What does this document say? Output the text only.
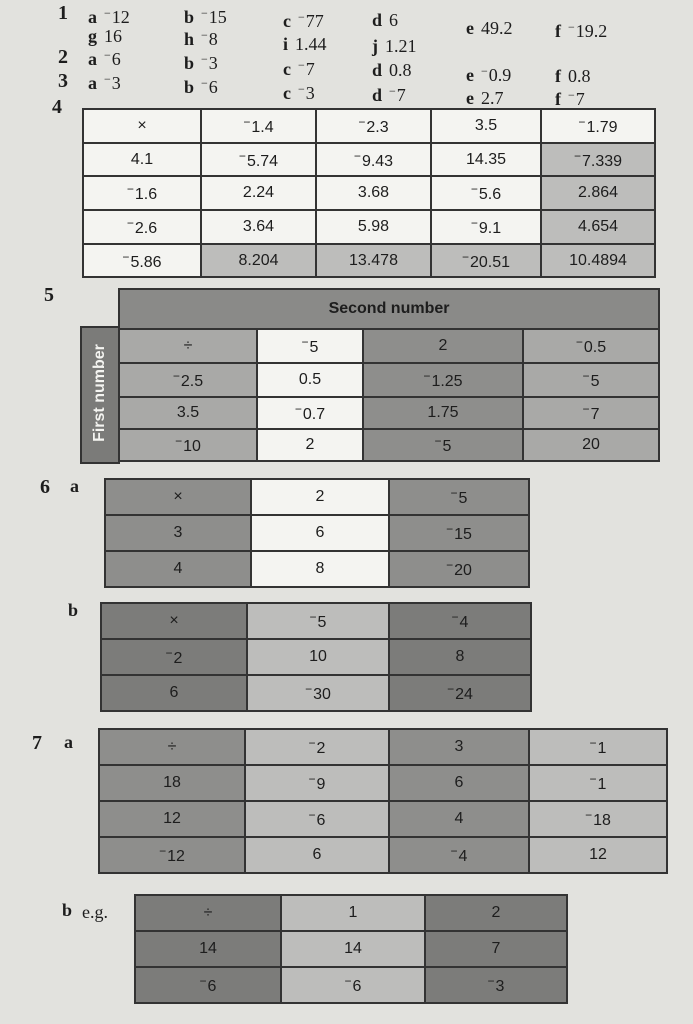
1 a −12	b −15	c −77	d 6	e 49.2 f −19.2
g 16	h −8	i 1.44	j 1.21
2 a −6	b −3	c −7	d 0.8	e −0.9 f 0.8
3 a −3	b −6	c −3	d −7	e 2.7	f −7
4
×	−1.4	−2.3	3.5	−1.79
4.1	−5.74	−9.43	14.35	−7.339
−1.6	2.24	3.68	−5.6	2.864
−2.6	3.64	5.98	−9.1	4.654
−5.86	8.204	13.478	−20.51	10.4894
5
First number
Second number			
÷	−5	2	−0.5
−2.5	0.5	−1.25	−5
3.5	−0.7	1.75	−7
−10	2	−5	20
6 a
×	2	−5
3	6	−15
4	8	−20
b
×	−5	−4
−2	10	8
6	−30	−24
7 a	÷	−2	3	−1
18	−9	6	−1
12	−6	4	−18
−12	6	−4	12
b e.g.	÷	1	2
14	14	7
−6	−6	−3
